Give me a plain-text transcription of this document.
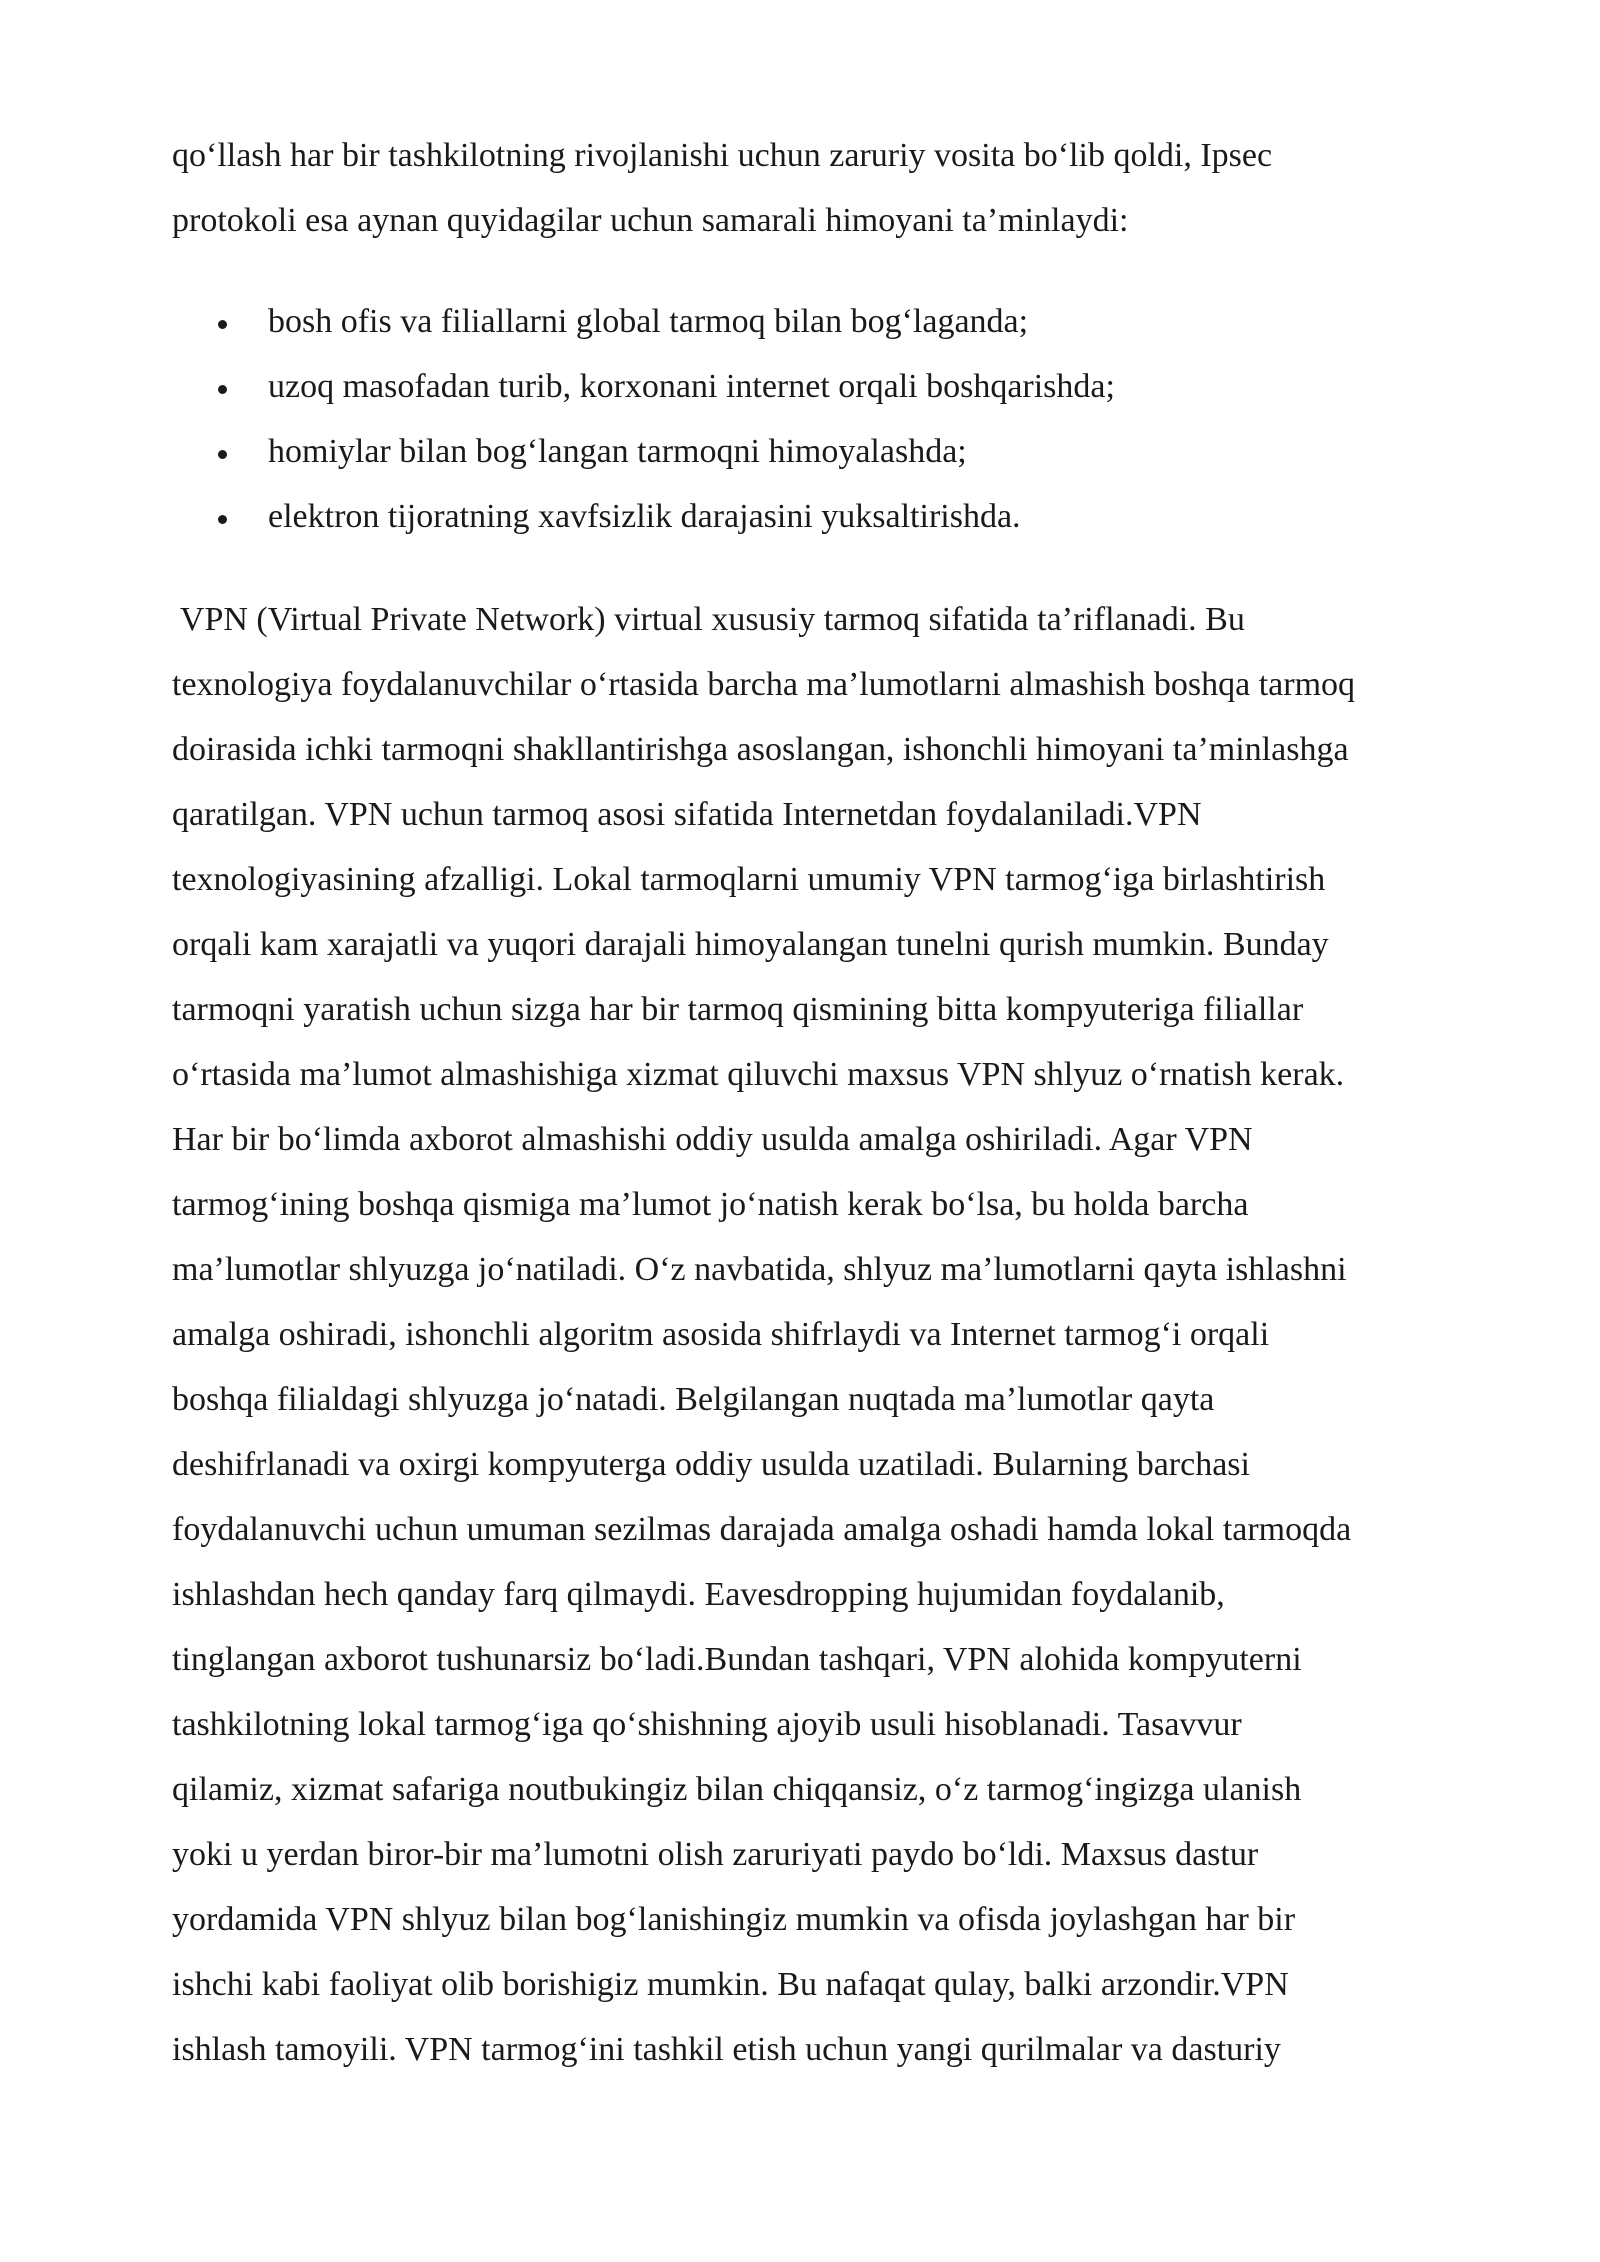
qo‘llash har bir tashkilotning rivojlanishi uchun zaruriy vosita bo‘lib qoldi, Ipsec
protokoli esa aynan quyidagilar uchun samarali himoyani ta’minlaydi:
bosh ofis va filiallarni global tarmoq bilan bog‘laganda;
uzoq masofadan turib, korxonani internet orqali boshqarishda;
homiylar bilan bog‘langan tarmoqni himoyalashda;
elektron tijoratning xavfsizlik darajasini yuksaltirishda.
VPN (Virtual Private Network) virtual xususiy tarmoq sifatida ta’riflanadi. Bu
texnologiya foydalanuvchilar o‘rtasida barcha ma’lumotlarni almashish boshqa tarmoq
doirasida ichki tarmoqni shakllantirishga asoslangan, ishonchli himoyani ta’minlashga
qaratilgan. VPN uchun tarmoq asosi sifatida Internetdan foydalaniladi.VPN
texnologiyasining afzalligi. Lokal tarmoqlarni umumiy VPN tarmog‘iga birlashtirish
orqali kam xarajatli va yuqori darajali himoyalangan tunelni qurish mumkin. Bunday
tarmoqni yaratish uchun sizga har bir tarmoq qismining bitta kompyuteriga filiallar
o‘rtasida ma’lumot almashishiga xizmat qiluvchi maxsus VPN shlyuz o‘rnatish kerak.
Har bir bo‘limda axborot almashishi oddiy usulda amalga oshiriladi. Agar VPN
tarmog‘ining boshqa qismiga ma’lumot jo‘natish kerak bo‘lsa, bu holda barcha
ma’lumotlar shlyuzga jo‘natiladi. O‘z navbatida, shlyuz ma’lumotlarni qayta ishlashni
amalga oshiradi, ishonchli algoritm asosida shifrlaydi va Internet tarmog‘i orqali
boshqa filialdagi shlyuzga jo‘natadi. Belgilangan nuqtada ma’lumotlar qayta
deshifrlanadi va oxirgi kompyuterga oddiy usulda uzatiladi. Bularning barchasi
foydalanuvchi uchun umuman sezilmas darajada amalga oshadi hamda lokal tarmoqda
ishlashdan hech qanday farq qilmaydi. Eavesdropping hujumidan foydalanib,
tinglangan axborot tushunarsiz bo‘ladi.Bundan tashqari, VPN alohida kompyuterni
tashkilotning lokal tarmog‘iga qo‘shishning ajoyib usuli hisoblanadi. Tasavvur
qilamiz, xizmat safariga noutbukingiz bilan chiqqansiz, o‘z tarmog‘ingizga ulanish
yoki u yerdan biror-bir ma’lumotni olish zaruriyati paydo bo‘ldi. Maxsus dastur
yordamida VPN shlyuz bilan bog‘lanishingiz mumkin va ofisda joylashgan har bir
ishchi kabi faoliyat olib borishigiz mumkin. Bu nafaqat qulay, balki arzondir.VPN
ishlash tamoyili. VPN tarmog‘ini tashkil etish uchun yangi qurilmalar va dasturiy
